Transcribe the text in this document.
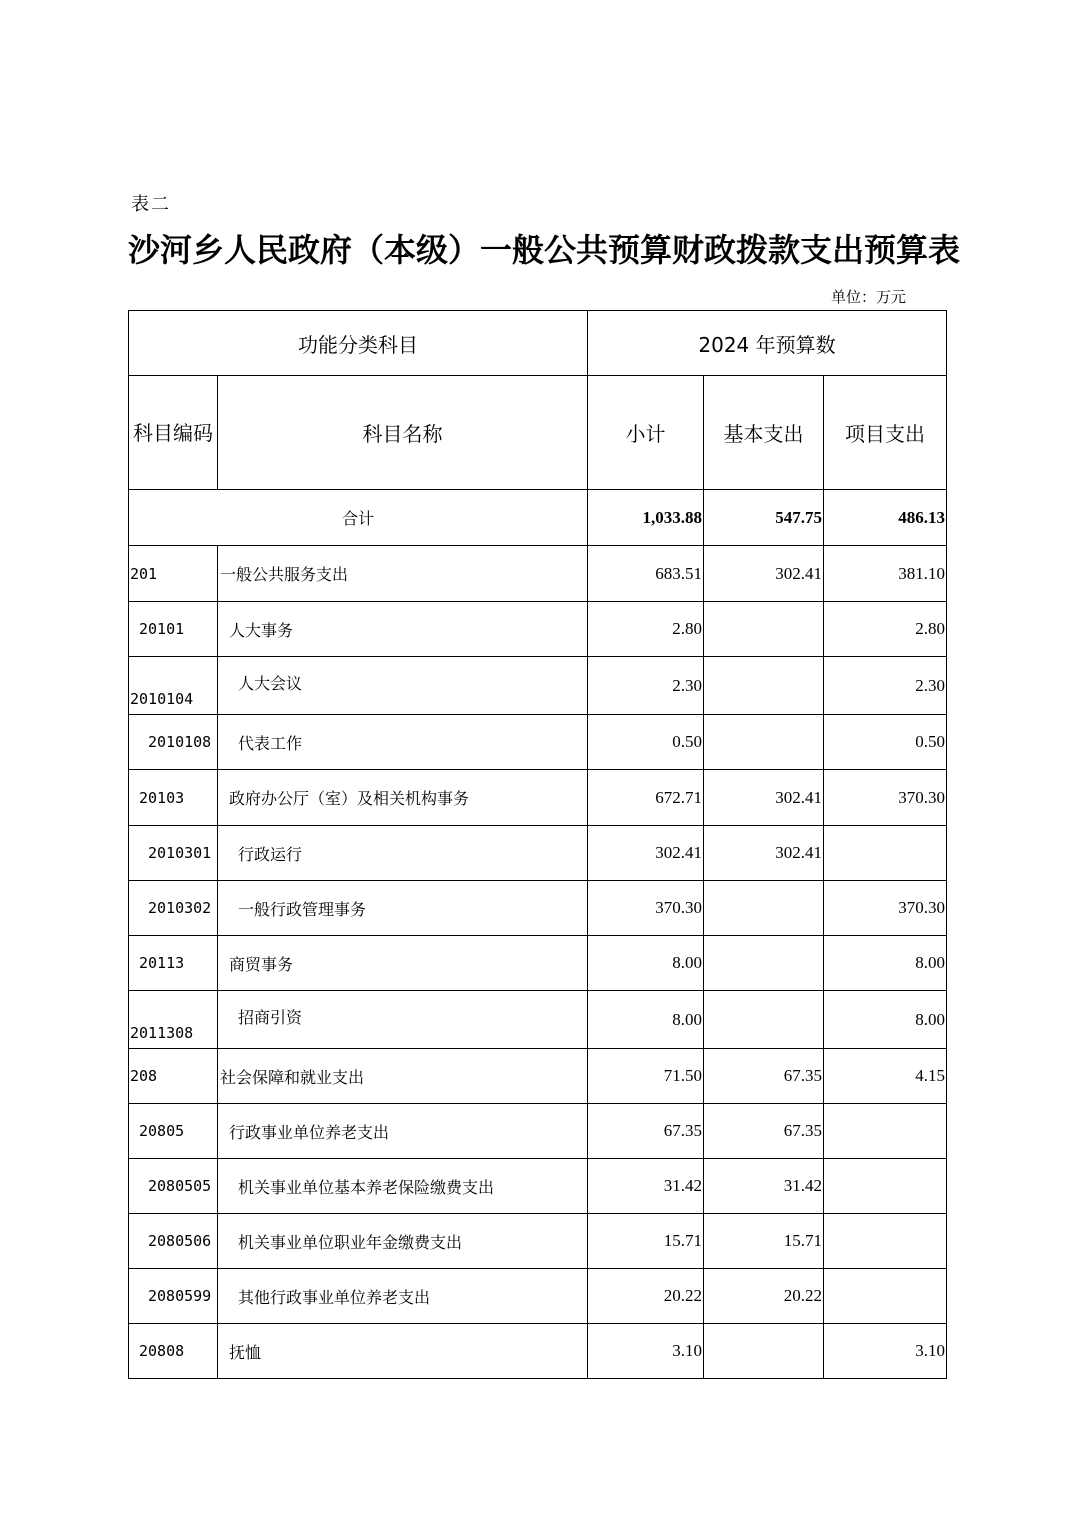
表二
沙河乡人民政府（本级）一般公共预算财政拨款支出预算表
单位：万元
功能分类科目		2024 年预算数		
科目编码	科目名称	小计	基本支出	项目支出
合计		1,033.88	547.75	486.13
201	一般公共服务支出	683.51	302.41	381.10
20101	人大事务	2.80		2.80
2010104	人大会议	2.30		2.30
2010108	代表工作	0.50		0.50
20103	政府办公厅（室）及相关机构事务	672.71	302.41	370.30
2010301	行政运行	302.41	302.41	
2010302	一般行政管理事务	370.30		370.30
20113	商贸事务	8.00		8.00
2011308	招商引资	8.00		8.00
208	社会保障和就业支出	71.50	67.35	4.15
20805	行政事业单位养老支出	67.35	67.35	
2080505	机关事业单位基本养老保险缴费支出	31.42	31.42	
2080506	机关事业单位职业年金缴费支出	15.71	15.71	
2080599	其他行政事业单位养老支出	20.22	20.22	
20808	抚恤	3.10		3.10
